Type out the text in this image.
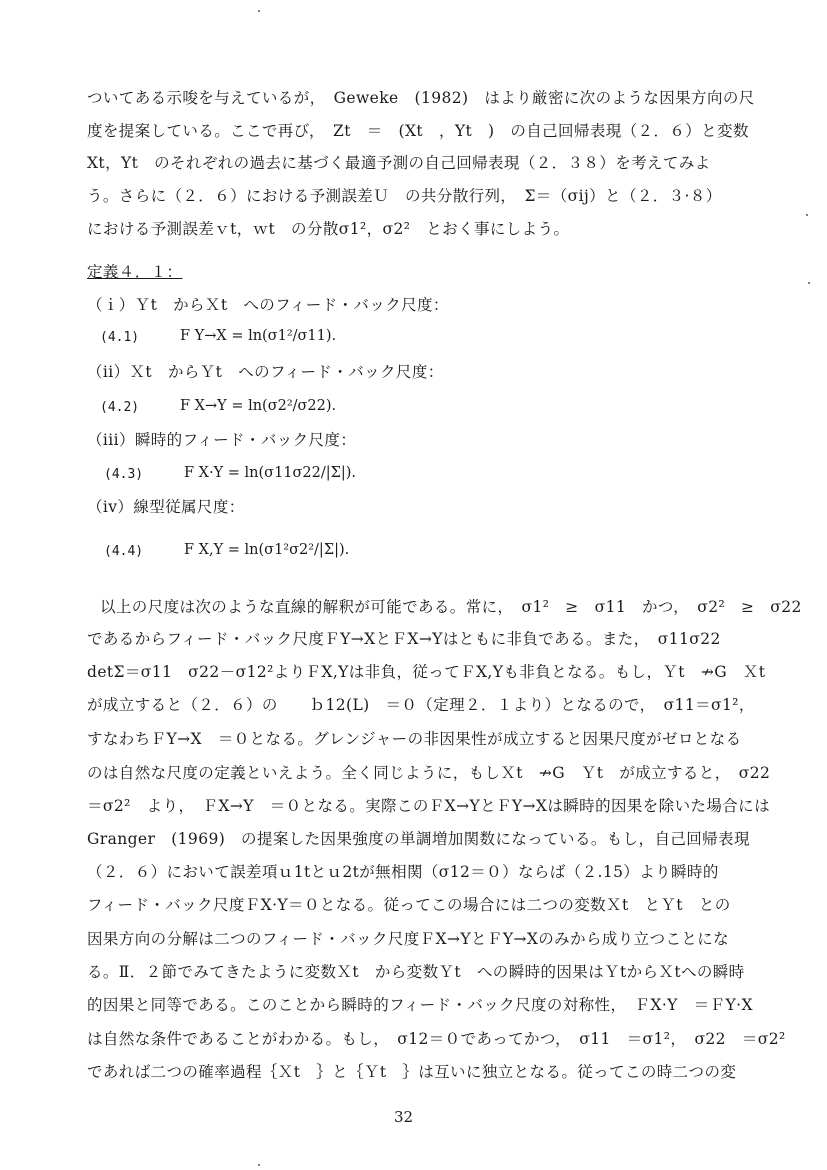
ついてある示唆を与えているが，　Geweke　(1982)　はより厳密に次のような因果方向の尺
度を提案している。ここで再び，　Zt　＝　(Xt　，Yt　)　の自己回帰表現（２．６）と変数
Xt，Yt　のそれぞれの過去に基づく最適予測の自己回帰表現（２．３８）を考えてみよ
う。さらに（２．６）における予測誤差Ｕ　の共分散行列，　Σ＝（σij）と（２．３·８）
における予測誤差ｖt，ｗt　の分散σ1²，σ2²　とおく事にしよう。
定義４．１：
（ｉ）Ｙt　からＸt　へのフィード・バック尺度：
(4.1)	F Y→X = ln(σ1²/σ11).
（ii）Ｘt　からＹt　へのフィード・バック尺度：
(4.2)	F X→Y = ln(σ2²/σ22).
（iii）瞬時的フィード・バック尺度：
(4.3)	F X·Y = ln(σ11σ22/|Σ|).
（iv）線型従属尺度：
(4.4)	F X,Y = ln(σ1²σ2²/|Σ|).
以上の尺度は次のような直線的解釈が可能である。常に，　σ1²　≥　σ11　かつ，　σ2²　≥　σ22
であるからフィード・バック尺度ＦY→XとＦX→Yはともに非負である。また，　σ11σ22
detΣ＝σ11　σ22－σ12²よりＦX,Yは非負，従ってＦX,Yも非負となる。もし，Ｙt　↛G　Ｘt
が成立すると（２．６）の　　ｂ12(L)　＝０（定理２．１より）となるので，　σ11＝σ1²，
すなわちＦY→X　＝０となる。グレンジャーの非因果性が成立すると因果尺度がゼロとなる
のは自然な尺度の定義といえよう。全く同じように，もしＸt　↛G　Ｙt　が成立すると，　σ22
＝σ2²　より，　ＦX→Y　＝０となる。実際このＦX→YとＦY→Xは瞬時的因果を除いた場合には
Granger　(1969)　の提案した因果強度の単調増加関数になっている。もし，自己回帰表現
（２．６）において誤差項ｕ1tとｕ2tが無相関（σ12＝０）ならば（２.15）より瞬時的
フィード・バック尺度ＦX·Y＝０となる。従ってこの場合には二つの変数Ｘt　とＹt　との
因果方向の分解は二つのフィード・バック尺度ＦX→YとＦY→Xのみから成り立つことにな
る。Ⅱ．２節でみてきたように変数Ｘt　から変数Ｙt　への瞬時的因果はＹtからＸtへの瞬時
的因果と同等である。このことから瞬時的フィード・バック尺度の対称性，　ＦX·Y　＝ＦY·X
は自然な条件であることがわかる。もし，　σ12＝０であってかつ，　σ11　＝σ1²，　σ22　＝σ2²
であれば二つの確率過程｛Ｘt　｝と｛Ｙt　｝は互いに独立となる。従ってこの時二つの変
32
